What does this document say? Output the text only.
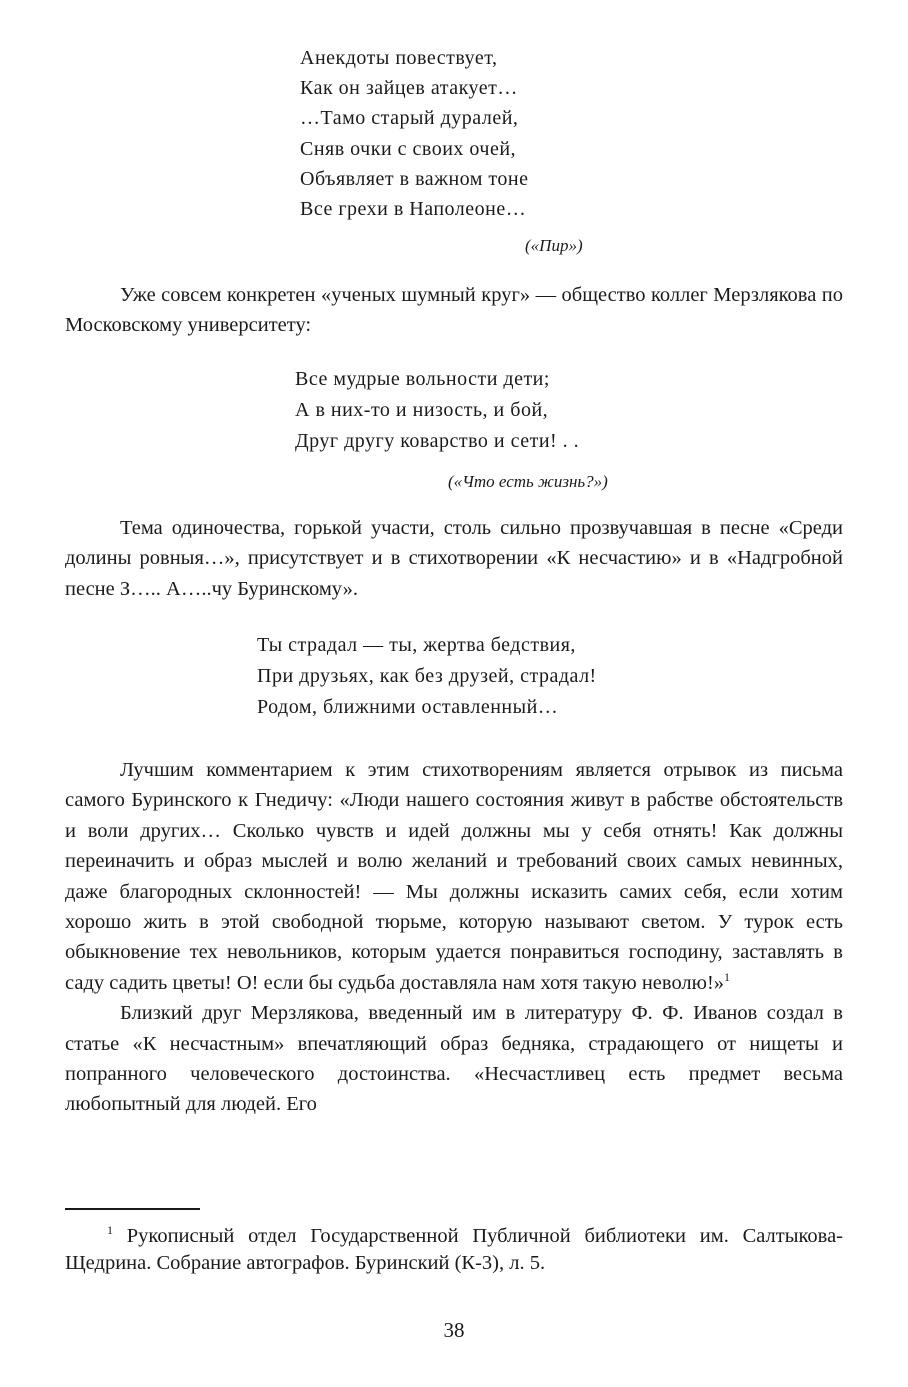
Анекдоты повествует,
Как он зайцев атакует…
…Тамо старый дуралей,
Сняв очки с своих очей,
Объявляет в важном тоне
Все грехи в Наполеоне…
(«Пир»)

Уже совсем конкретен «ученых шумный круг» — общество коллег Мерзлякова по Московскому университету:

Все мудрые вольности дети;
А в них-то и низость, и бой,
Друг другу коварство и сети! . .
(«Что есть жизнь?»)

Тема одиночества, горькой участи, столь сильно прозвучавшая в песне «Среди долины ровныя…», присутствует и в стихотворении «К несчастию» и в «Надгробной песне З….. А…..чу Буринскому».

Ты страдал — ты, жертва бедствия,
При друзьях, как без друзей, страдал!
Родом, ближними оставленный…

Лучшим комментарием к этим стихотворениям является отрывок из письма самого Буринского к Гнедичу: «Люди нашего состояния живут в рабстве обстоятельств и воли других… Сколько чувств и идей должны мы у себя отнять! Как должны переиначить и образ мыслей и волю желаний и требований своих самых невинных, даже благородных склонностей! — Мы должны исказить самих себя, если хотим хорошо жить в этой свободной тюрьме, которую называют светом. У турок есть обыкновение тех невольников, которым удается понравиться господину, заставлять в саду садить цветы! О! если бы судьба доставляла нам хотя такую неволю!»$^1$

Близкий друг Мерзлякова, введенный им в литературу Ф. Ф. Иванов создал в статье «К несчастным» впечатляющий образ бедняка, страдающего от нищеты и попранного человеческого достоинства. «Несчастливец есть предмет весьма любопытный для людей. Его

$^1$ Рукописный отдел Государственной Публичной библиотеки им. Салтыкова-Щедрина. Собрание автографов. Буринский (К-3), л. 5.

38
